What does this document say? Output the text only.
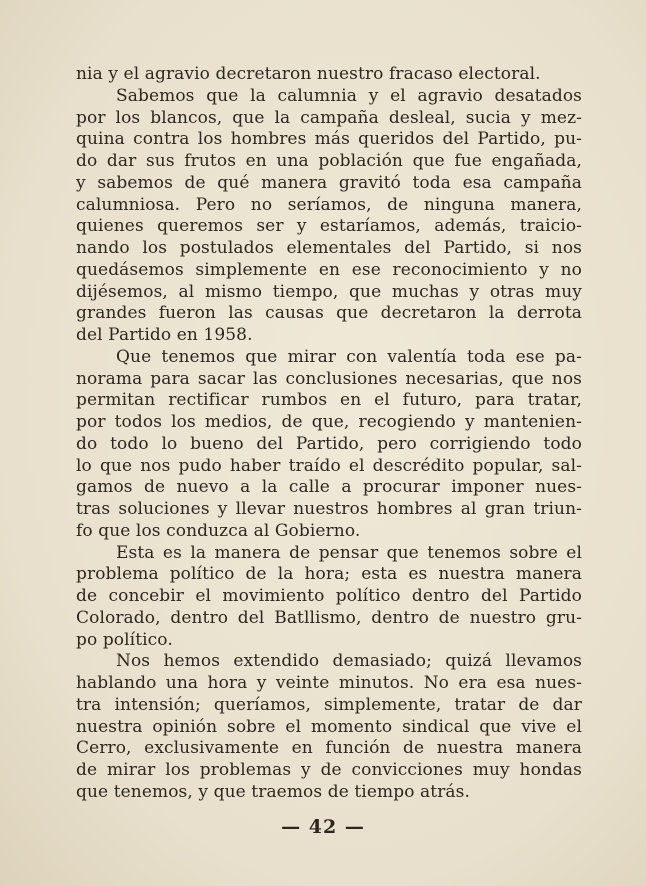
nia y el agravio decretaron nuestro fracaso electoral.
Sabemos que la calumnia y el agravio desatados
por los blancos, que la campaña desleal, sucia y mez-
quina contra los hombres más queridos del Partido, pu-
do dar sus frutos en una población que fue engañada,
y sabemos de qué manera gravitó toda esa campaña
calumniosa. Pero no seríamos, de ninguna manera,
quienes queremos ser y estaríamos, además, traicio-
nando los postulados elementales del Partido, si nos
quedásemos simplemente en ese reconocimiento y no
dijésemos, al mismo tiempo, que muchas y otras muy
grandes fueron las causas que decretaron la derrota
del Partido en 1958.
Que tenemos que mirar con valentía toda ese pa-
norama para sacar las conclusiones necesarias, que nos
permitan rectificar rumbos en el futuro, para tratar,
por todos los medios, de que, recogiendo y mantenien-
do todo lo bueno del Partido, pero corrigiendo todo
lo que nos pudo haber traído el descrédito popular, sal-
gamos de nuevo a la calle a procurar imponer nues-
tras soluciones y llevar nuestros hombres al gran triun-
fo que los conduzca al Gobierno.
Esta es la manera de pensar que tenemos sobre el
problema político de la hora; esta es nuestra manera
de concebir el movimiento político dentro del Partido
Colorado, dentro del Batllismo, dentro de nuestro gru-
po político.
Nos hemos extendido demasiado; quizá llevamos
hablando una hora y veinte minutos. No era esa nues-
tra intensión; queríamos, simplemente, tratar de dar
nuestra opinión sobre el momento sindical que vive el
Cerro, exclusivamente en función de nuestra manera
de mirar los problemas y de convicciones muy hondas
que tenemos, y que traemos de tiempo atrás.
— 42 —
